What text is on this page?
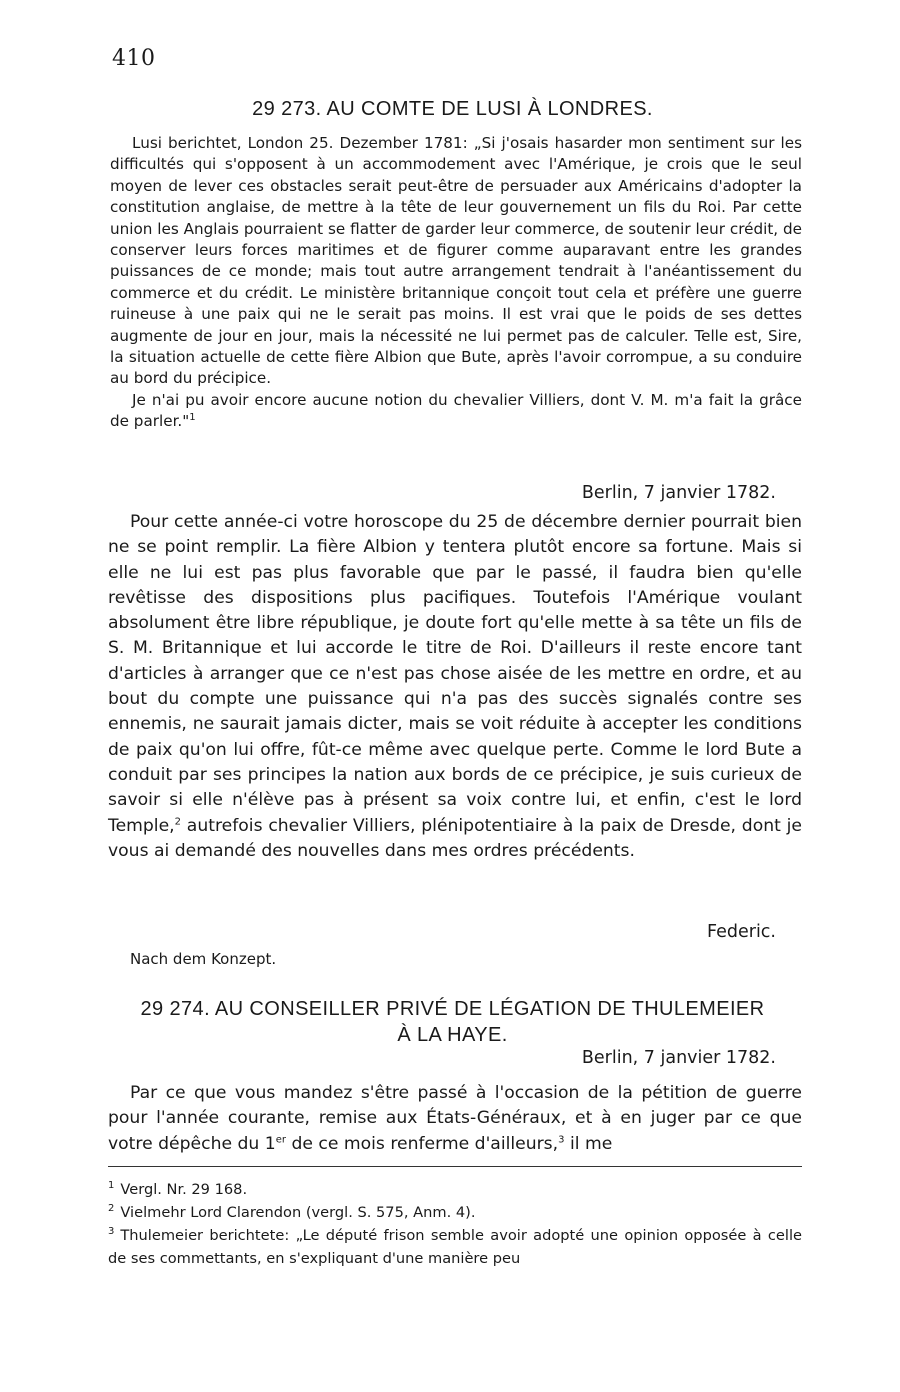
410
29 273. AU COMTE DE LUSI À LONDRES.

Lusi berichtet, London 25. Dezember 1781: „Si j'osais hasarder mon sentiment sur les difficultés qui s'opposent à un accommodement avec l'Amérique, je crois que le seul moyen de lever ces obstacles serait peut-être de persuader aux Américains d'adopter la constitution anglaise, de mettre à la tête de leur gouvernement un fils du Roi. Par cette union les Anglais pourraient se flatter de garder leur commerce, de soutenir leur crédit, de conserver leurs forces maritimes et de figurer comme auparavant entre les grandes puissances de ce monde; mais tout autre arrangement tendrait à l'anéantissement du commerce et du crédit. Le ministère britannique conçoit tout cela et préfère une guerre ruineuse à une paix qui ne le serait pas moins. Il est vrai que le poids de ses dettes augmente de jour en jour, mais la nécessité ne lui permet pas de calculer. Telle est, Sire, la situation actuelle de cette fière Albion que Bute, après l'avoir corrompue, a su conduire au bord du précipice.

Je n'ai pu avoir encore aucune notion du chevalier Villiers, dont V. M. m'a fait la grâce de parler."$^1$

Berlin, 7 janvier 1782.

Pour cette année-ci votre horoscope du 25 de décembre dernier pourrait bien ne se point remplir. La fière Albion y tentera plutôt encore sa fortune. Mais si elle ne lui est pas plus favorable que par le passé, il faudra bien qu'elle revêtisse des dispositions plus pacifiques. Toutefois l'Amérique voulant absolument être libre république, je doute fort qu'elle mette à sa tête un fils de S. M. Britannique et lui accorde le titre de Roi. D'ailleurs il reste encore tant d'articles à arranger que ce n'est pas chose aisée de les mettre en ordre, et au bout du compte une puissance qui n'a pas des succès signalés contre ses ennemis, ne saurait jamais dicter, mais se voit réduite à accepter les conditions de paix qu'on lui offre, fût-ce même avec quelque perte. Comme le lord Bute a conduit par ses principes la nation aux bords de ce précipice, je suis curieux de savoir si elle n'élève pas à présent sa voix contre lui, et enfin, c'est le lord Temple,$^2$ autrefois chevalier Villiers, plénipotentiaire à la paix de Dresde, dont je vous ai demandé des nouvelles dans mes ordres précédents.

Federic.
Nach dem Konzept.
29 274. AU CONSEILLER PRIVÉ DE LÉGATION DE THULEMEIER
À LA HAYE.
Berlin, 7 janvier 1782.

Par ce que vous mandez s'être passé à l'occasion de la pétition de guerre pour l'année courante, remise aux États-Généraux, et à en juger par ce que votre dépêche du 1er de ce mois renferme d'ailleurs,$^3$ il me

$^1$ Vergl. Nr. 29 168.

$^2$ Vielmehr Lord Clarendon (vergl. S. 575, Anm. 4).

$^3$ Thulemeier berichtete: „Le député frison semble avoir adopté une opinion opposée à celle de ses commettants, en s'expliquant d'une manière peu
